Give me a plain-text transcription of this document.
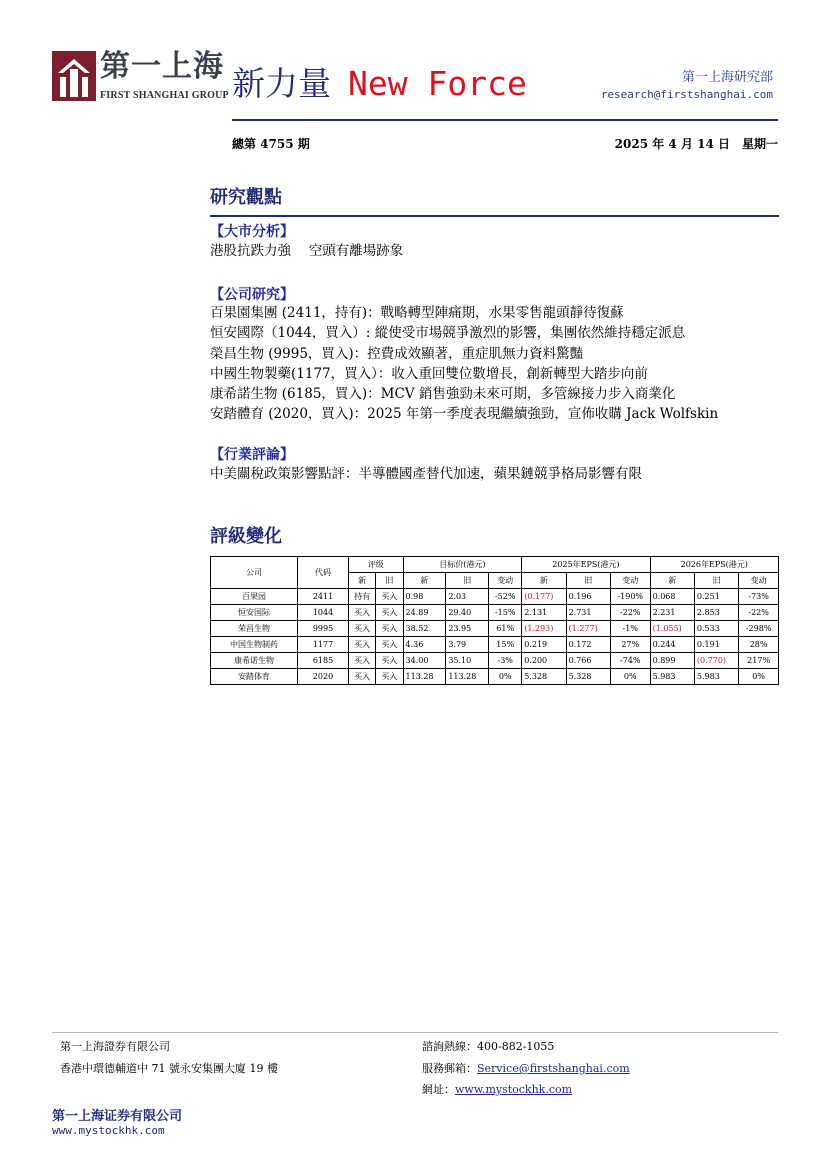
第一上海
FIRST SHANGHAI GROUP 新力量 New Force	第一上海研究部
research@firstshanghai.com
總第 4755 期	2025 年 4 月 14 日　星期一
研究觀點
【大市分析】
港股抗跌力強　 空頭有離場跡象
【公司研究】
百果園集團 (2411，持有)：戰略轉型陣痛期，水果零售龍頭靜待復蘇
恒安國際（1044，買入）: 縱使受市場競爭激烈的影響，集團依然維持穩定派息
榮昌生物 (9995，買入)：控費成效顯著，重症肌無力資料驚豔
中國生物製藥(1177，買入）：收入重回雙位數增長，創新轉型大踏步向前
康希諾生物 (6185，買入)：MCV 銷售強勁未來可期，多管線接力步入商業化
安踏體育 (2020，買入)：2025 年第一季度表現繼續強勁，宣佈收購 Jack Wolfskin
【行業評論】
中美關稅政策影響點評：半導體國產替代加速，蘋果鏈競爭格局影響有限
評級變化
公司	代码	评级		目标价(港元)			2025年EPS(港元)			2026年EPS(港元)		
		新	旧	新	旧	变动	新	旧	变动	新	旧	变动
百果园	2411	持有	买入	0.98	2.03	-52%	(0.177)	0.196	-190%	0.068	0.251	-73%
恒安国际	1044	买入	买入	24.89	29.40	-15%	2.131	2.731	-22%	2.231	2.853	-22%
荣昌生物	9995	买入	买入	38.52	23.95	61%	(1.293)	(1.277)	-1%	(1.055)	0.533	-298%
中国生物制药	1177	买入	买入	4.36	3.79	15%	0.219	0.172	27%	0.244	0.191	28%
康希诺生物	6185	买入	买入	34.00	35.10	-3%	0.200	0.766	-74%	0.899	(0.770)	217%
安踏体育	2020	买入	买入	113.28	113.28	0%	5.328	5.328	0%	5.983	5.983	0%
第一上海證券有限公司
香港中環德輔道中 71 號永安集團大廈 19 樓
諮詢熱線：400-882-1055
服務郵箱：Service@firstshanghai.com
網址：www.mystockhk.com
第一上海证券有限公司
www.mystockhk.com
